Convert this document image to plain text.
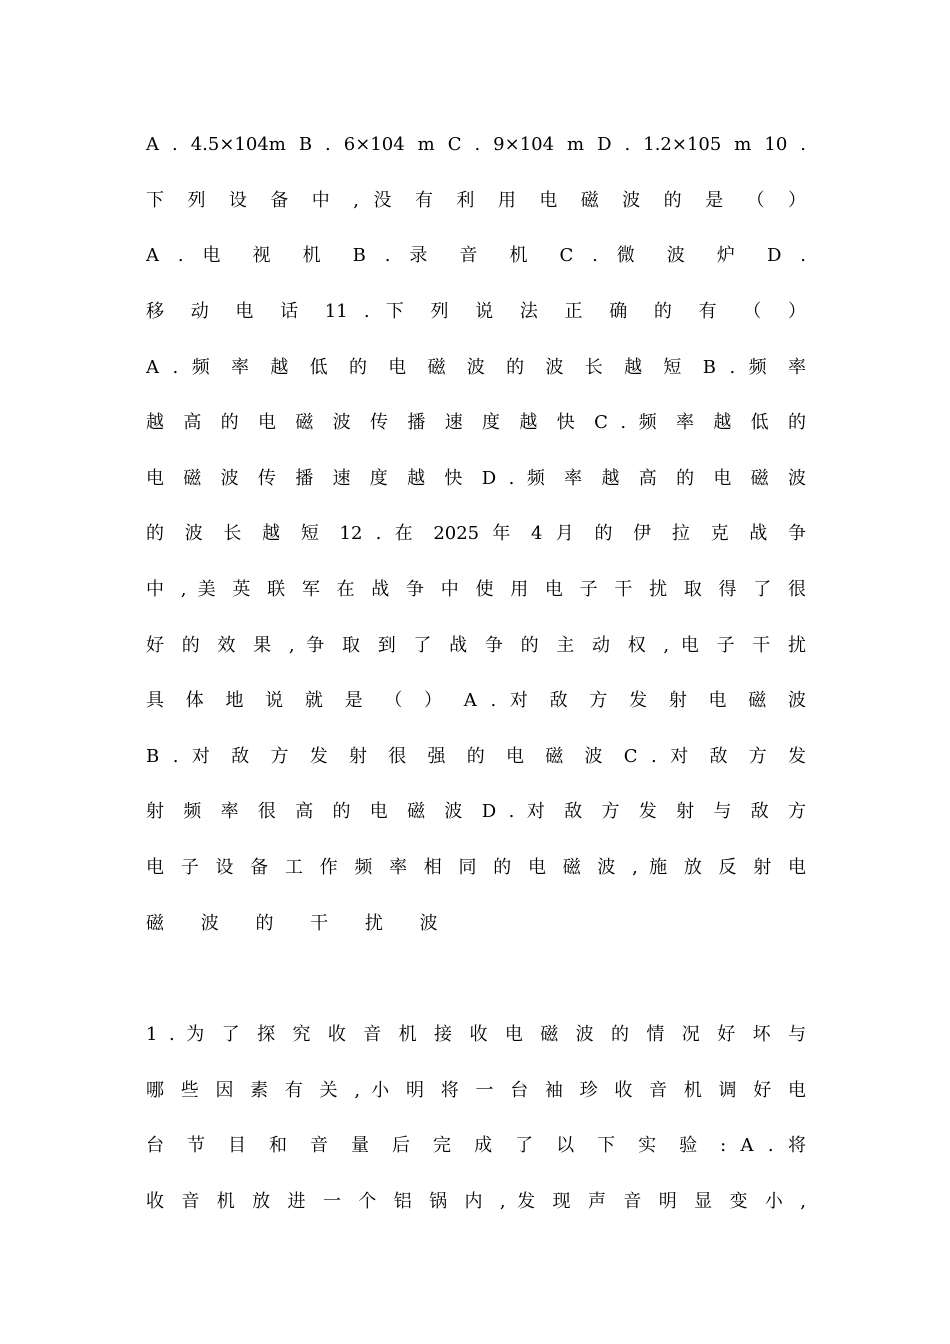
A . 4.5×104m B . 6×104 m C . 9×104 m D . 1.2×105 m 10 .
下 列 设 备 中 , 没 有 利 用 电 磁 波 的 是 （ ）
A . 电 视 机 B . 录 音 机 C . 微 波 炉 D .
移 动 电 话 11 . 下 列 说 法 正 确 的 有 （ ）
A . 频 率 越 低 的 电 磁 波 的 波 长 越 短 B . 频 率
越 高 的 电 磁 波 传 播 速 度 越 快 C . 频 率 越 低 的
电 磁 波 传 播 速 度 越 快 D . 频 率 越 高 的 电 磁 波
的 波 长 越 短 12 . 在 2025 年 4 月 的 伊 拉 克 战 争
中 , 美 英 联 军 在 战 争 中 使 用 电 子 干 扰 取 得 了 很
好 的 效 果 , 争 取 到 了 战 争 的 主 动 权 , 电 子 干 扰
具 体 地 说 就 是 （ ） A . 对 敌 方 发 射 电 磁 波
B . 对 敌 方 发 射 很 强 的 电 磁 波 C . 对 敌 方 发
射 频 率 很 高 的 电 磁 波 D . 对 敌 方 发 射 与 敌 方
电 子 设 备 工 作 频 率 相 同 的 电 磁 波 , 施 放 反 射 电
磁 波 的 干 扰 波
1 . 为 了 探 究 收 音 机 接 收 电 磁 波 的 情 况 好 坏 与
哪 些 因 素 有 关 , 小 明 将 一 台 袖 珍 收 音 机 调 好 电
台 节 目 和 音 量 后 完 成 了 以 下 实 验 : A . 将
收 音 机 放 进 一 个 铝 锅 内 , 发 现 声 音 明 显 变 小 ,
